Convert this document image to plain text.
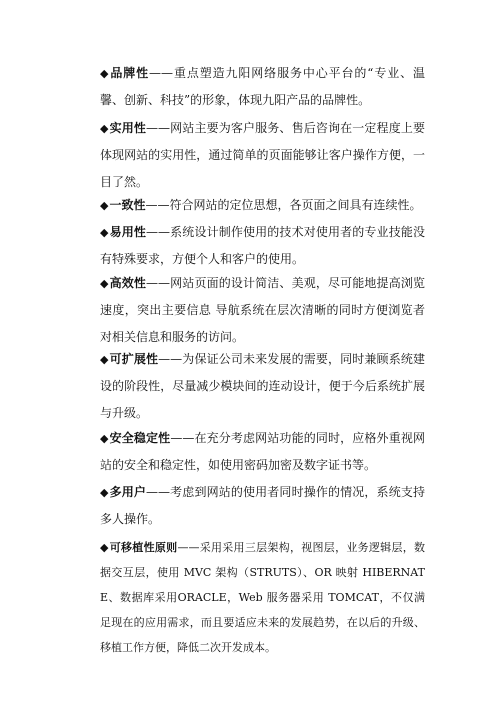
◆品牌性——重点塑造九阳网络服务中心平台的“专业、温馨、创新、科技”的形象，体现九阳产品的品牌性。

◆实用性——网站主要为客户服务、售后咨询在一定程度上要体现网站的实用性，通过简单的页面能够让客户操作方便，一目了然。

◆一致性——符合网站的定位思想，各页面之间具有连续性。

◆易用性——系统设计制作使用的技术对使用者的专业技能没有特殊要求，方便个人和客户的使用。

◆高效性——网站页面的设计简洁、美观，尽可能地提高浏览速度，突出主要信息 导航系统在层次清晰的同时方便浏览者对相关信息和服务的访问。

◆可扩展性——为保证公司未来发展的需要，同时兼顾系统建设的阶段性，尽量减少模块间的连动设计，便于今后系统扩展与升级。

◆安全稳定性——在充分考虑网站功能的同时，应格外重视网站的安全和稳定性，如使用密码加密及数字证书等。

◆多用户——考虑到网站的使用者同时操作的情况，系统支持多人操作。

◆可移植性原则——采用采用三层架构，视图层，业务逻辑层，数据交互层，使用 MVC 架构（STRUTS）、OR 映射 HIBERNATE、数据库采用ORACLE，Web 服务器采用 TOMCAT，不仅满足现在的应用需求，而且要适应未来的发展趋势，在以后的升级、移植工作方便，降低二次开发成本。
